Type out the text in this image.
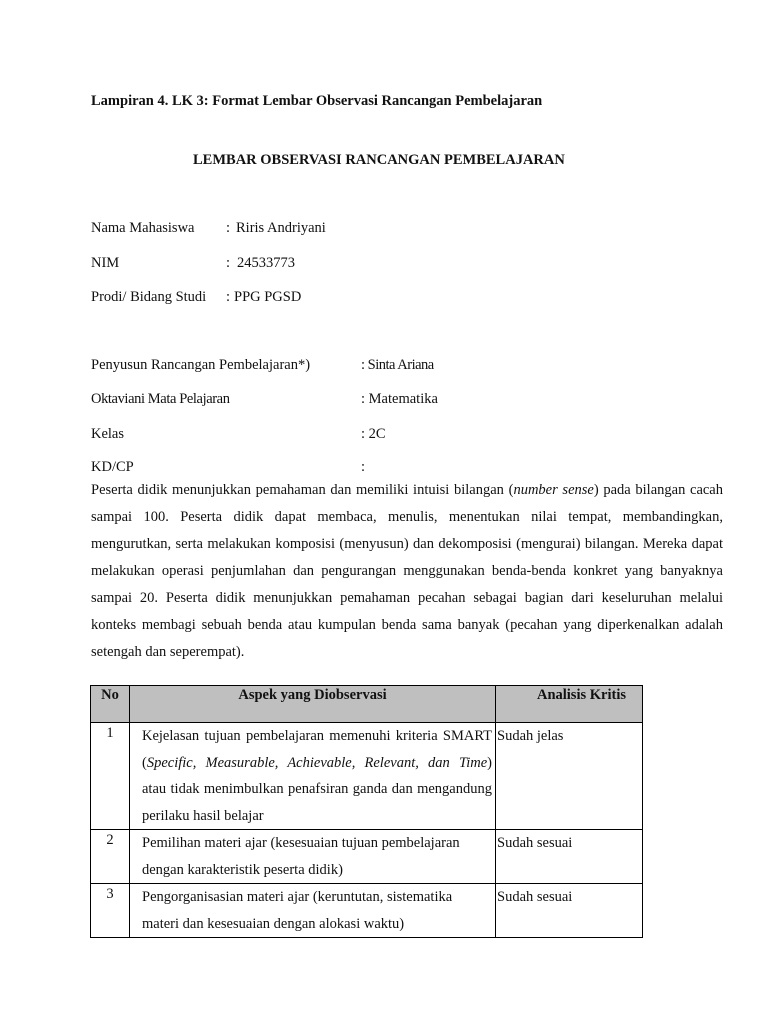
Lampiran 4. LK 3: Format Lembar Observasi Rancangan Pembelajaran
LEMBAR OBSERVASI RANCANGAN PEMBELAJARAN
Nama Mahasiswa : Riris Andriyani
NIM	: 24533773
Prodi/ Bidang Studi : PPG PGSD
Penyusun Rancangan Pembelajaran*)	: Sinta Ariana
Oktaviani Mata Pelajaran	: Matematika
Kelas	: 2C
KD/CP	:
Peserta didik menunjukkan pemahaman dan memiliki intuisi bilangan (number sense) pada bilangan cacah sampai 100. Peserta didik dapat membaca, menulis, menentukan nilai tempat, membandingkan, mengurutkan, serta melakukan komposisi (menyusun) dan dekomposisi (mengurai) bilangan. Mereka dapat melakukan operasi penjumlahan dan pengurangan menggunakan benda-benda konkret yang banyaknya sampai 20. Peserta didik menunjukkan pemahaman pecahan sebagai bagian dari keseluruhan melalui konteks membagi sebuah benda atau kumpulan benda sama banyak (pecahan yang diperkenalkan adalah setengah dan seperempat).
No	Aspek yang Diobservasi	Analisis Kritis
1	Kejelasan tujuan pembelajaran memenuhi kriteria SMART (Specific, Measurable, Achievable, Relevant, dan Time) atau tidak menimbulkan penafsiran ganda dan mengandung perilaku hasil belajar	Sudah jelas
2	Pemilihan materi ajar (kesesuaian tujuan pembelajaran dengan karakteristik peserta didik)	Sudah sesuai
3	Pengorganisasian materi ajar (keruntutan, sistematika materi dan kesesuaian dengan alokasi waktu)	Sudah sesuai
